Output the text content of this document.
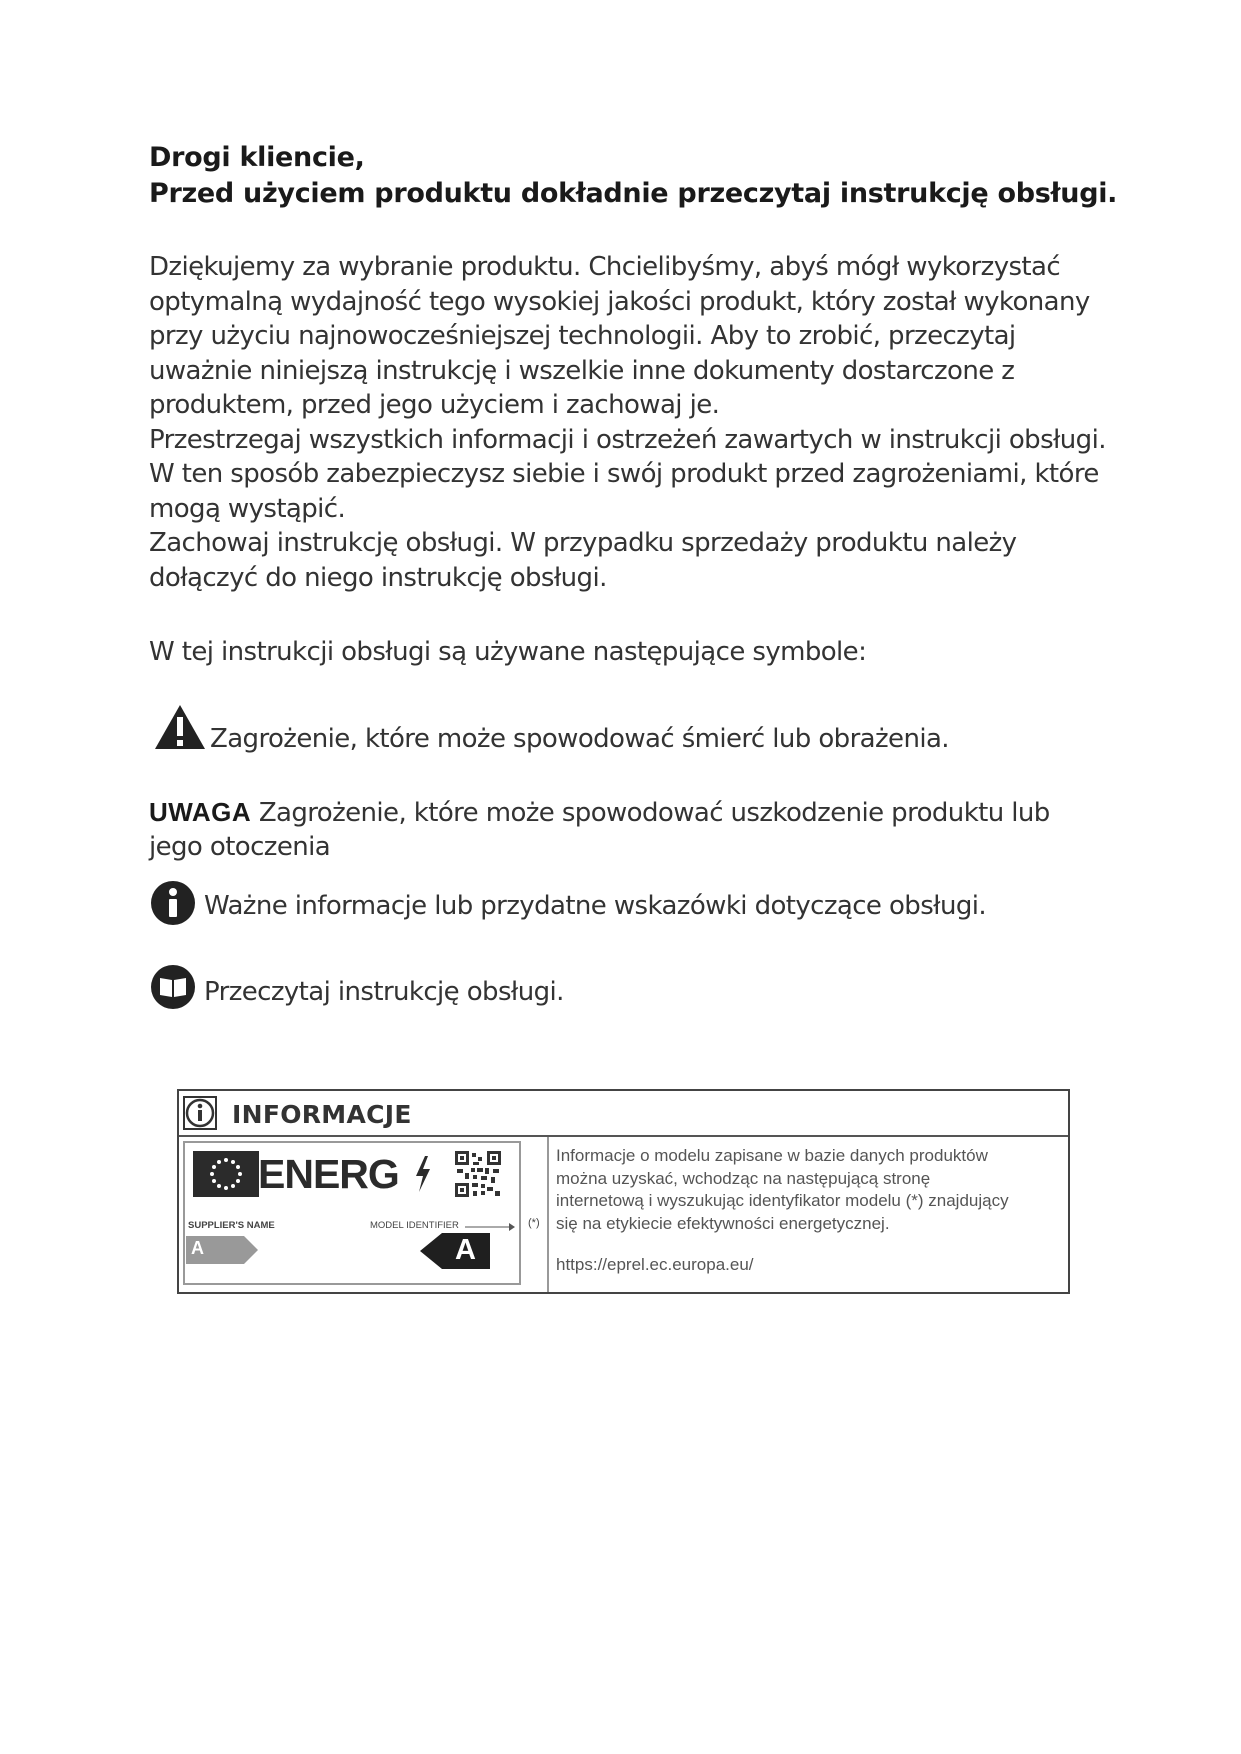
Drogi kliencie,
Przed użyciem produktu dokładnie przeczytaj instrukcję obsługi.

Dziękujemy za wybranie produktu. Chcielibyśmy, abyś mógł wykorzystać

optymalną wydajność tego wysokiej jakości produkt, który został wykonany

przy użyciu najnowocześniejszej technologii. Aby to zrobić, przeczytaj

uważnie niniejszą instrukcję i wszelkie inne dokumenty dostarczone z

produktem, przed jego użyciem i zachowaj je.

Przestrzegaj wszystkich informacji i ostrzeżeń zawartych w instrukcji obsługi.

W ten sposób zabezpieczysz siebie i swój produkt przed zagrożeniami, które

mogą wystąpić.

Zachowaj instrukcję obsługi. W przypadku sprzedaży produktu należy

dołączyć do niego instrukcję obsługi.

W tej instrukcji obsługi są używane następujące symbole:
Zagrożenie, które może spowodować śmierć lub obrażenia.
UWAGA Zagrożenie, które może spowodować uszkodzenie produktu lub
jego otoczenia
Ważne informacje lub przydatne wskazówki dotyczące obsługi.
Przeczytaj instrukcję obsługi.
INFORMACJE
ENERG
SUPPLIER'S NAME	MODEL IDENTIFIER
A	A
(*)

Informacje o modelu zapisane w bazie danych produktów

można uzyskać, wchodząc na następującą stronę

internetową i wyszukując identyfikator modelu (*) znajdujący

się na etykiecie efektywności energetycznej.

https://eprel.ec.europa.eu/
